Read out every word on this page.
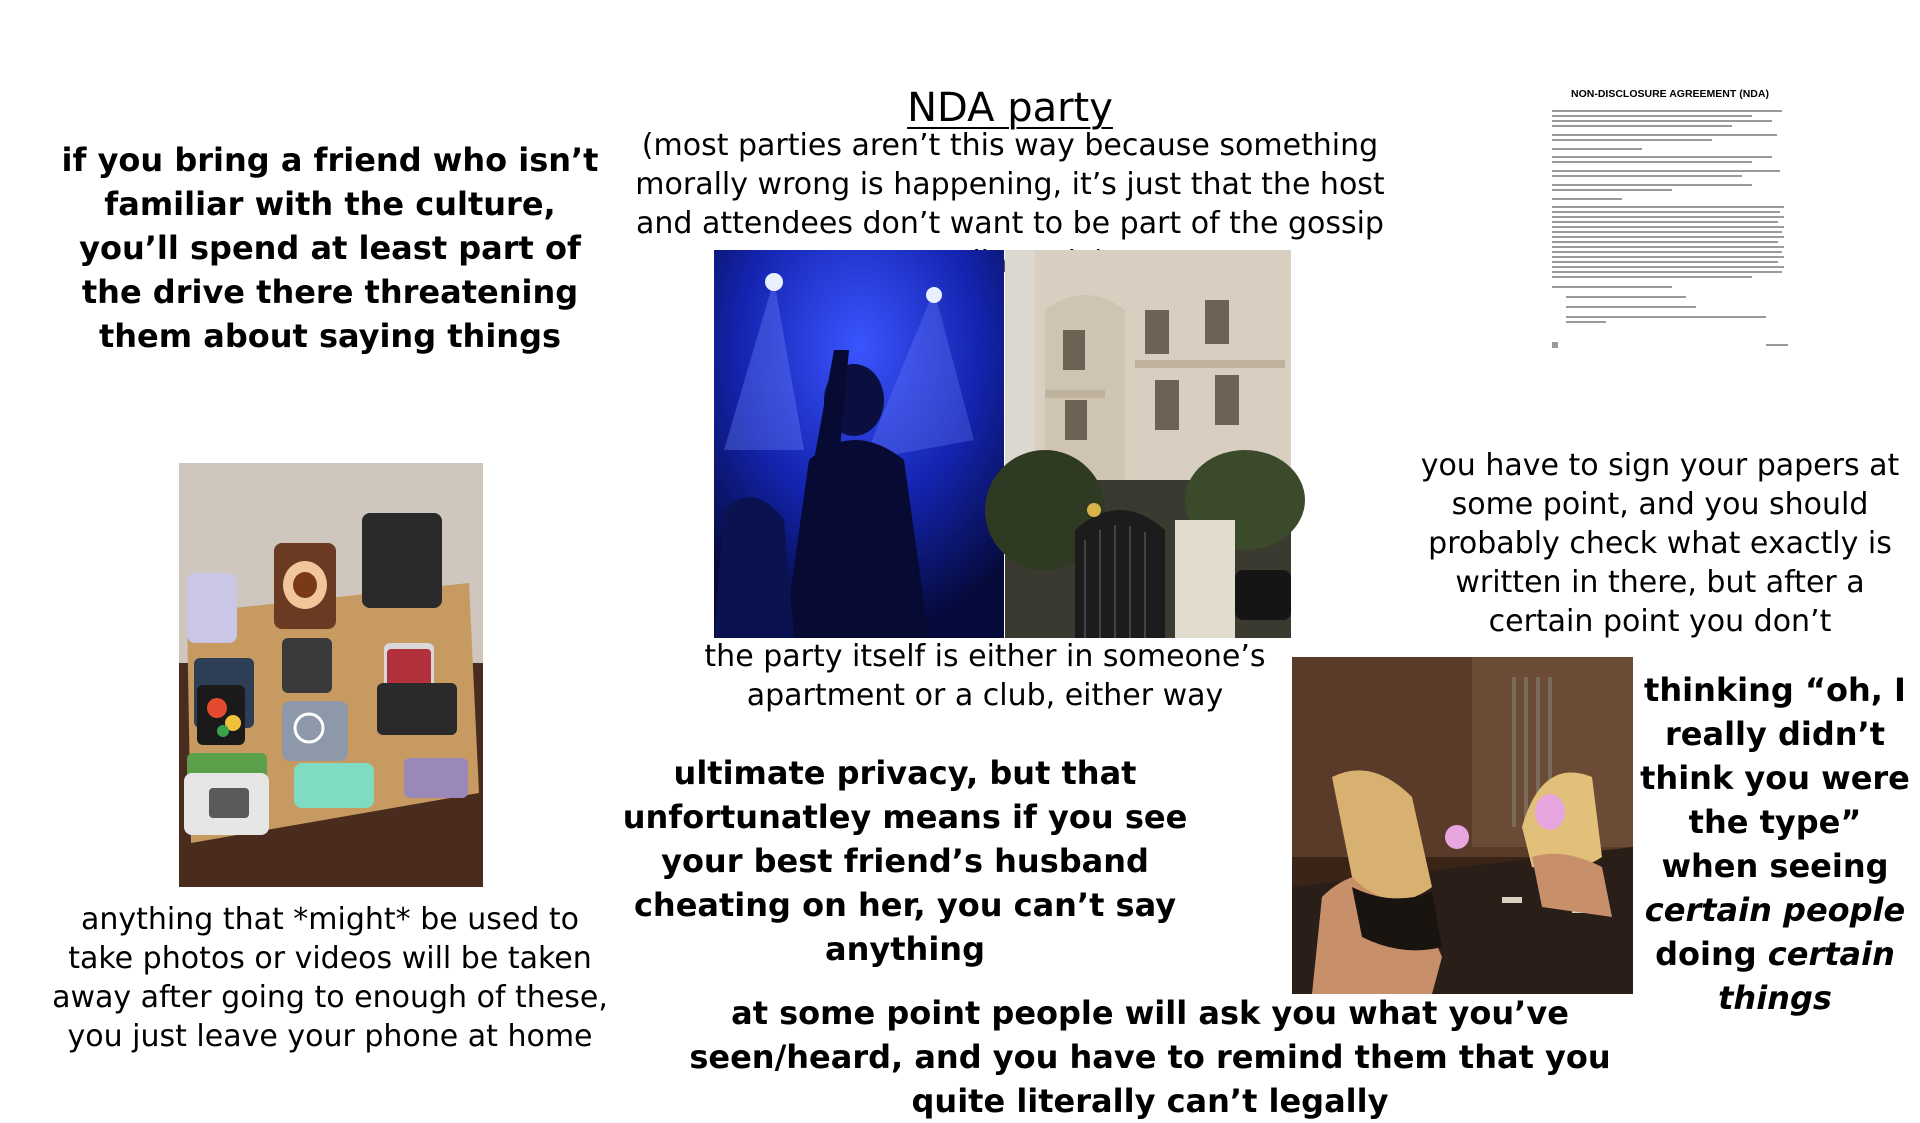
NDA party
(most parties aren’t this way because something morally wrong is happening, it’s just that the host and attendees don’t want to be part of the gossip
if you bring a friend who isn’t familiar with the culture, you’ll spend at least part of the drive there threatening them about saying things
anything that *might* be used to take photos or videos will be taken away after going to enough of these, you just leave your phone at home
the party itself is either in someone’s apartment or a club, either way
ultimate privacy, but that unfortunatley means if you see your best friend’s husband cheating on her, you can’t say anything
at some point people will ask you what you’ve seen/heard, and you have to remind them that you quite literally can’t legally
NON-DISCLOSURE AGREEMENT (NDA)
you have to sign your papers at some point, and you should probably check what exactly is written in there, but after a certain point you don’t
thinking “oh, I really didn’t think you were the type” when seeing certain people doing certain things
